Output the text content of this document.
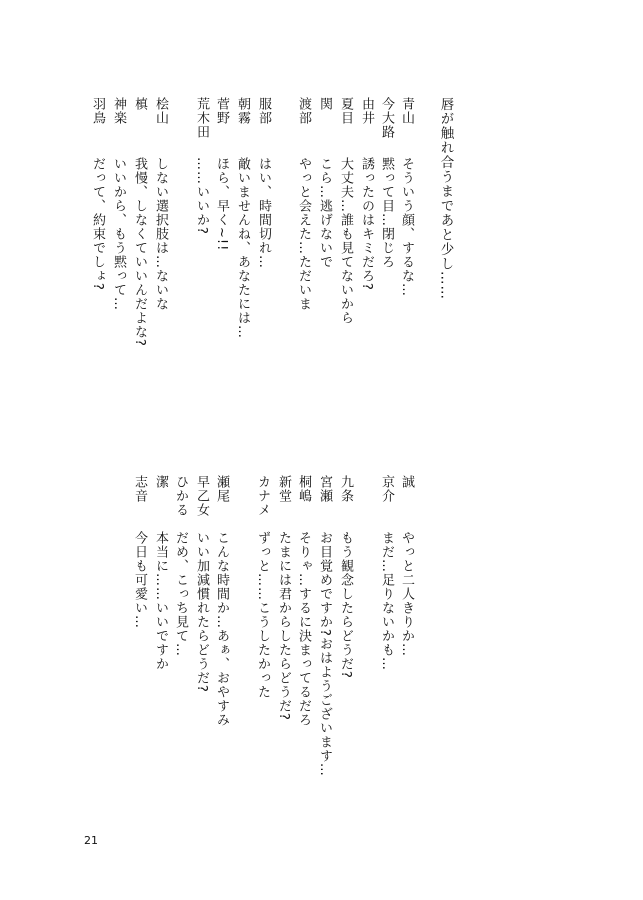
唇が触れ合うまであと少し……
青山
そういう顔、するな…
今大路
黙って目…閉じろ
由井
誘ったのはキミだろ?
夏目
大丈夫…誰も見てないから
関
こら…逃げないで
渡部
やっと会えた…ただいま
服部
はい、時間切れ…
朝霧
敵いませんね、あなたには…
菅野
ほら、早く~!!
荒木田
……いいか?
桧山
しない選択肢は…ないな
槙
我慢、しなくていいんだよな?
神楽
いいから、もう黙って…
羽鳥
だって、約束でしょ?
誠
やっと二人きりか…
京介
まだ…足りないかも…
九条
もう観念したらどうだ?
宮瀬
お目覚めですか?おはようございます…
桐嶋
そりゃ…するに決まってるだろ
新堂
たまには君からしたらどうだ?
カナメ
ずっと……こうしたかった
瀬尾
こんな時間か…あぁ、おやすみ
早乙女
いい加減慣れたらどうだ?
ひかる
だめ、こっち見て…
潔
本当に……いいですか
志音
今日も可愛い…
21
